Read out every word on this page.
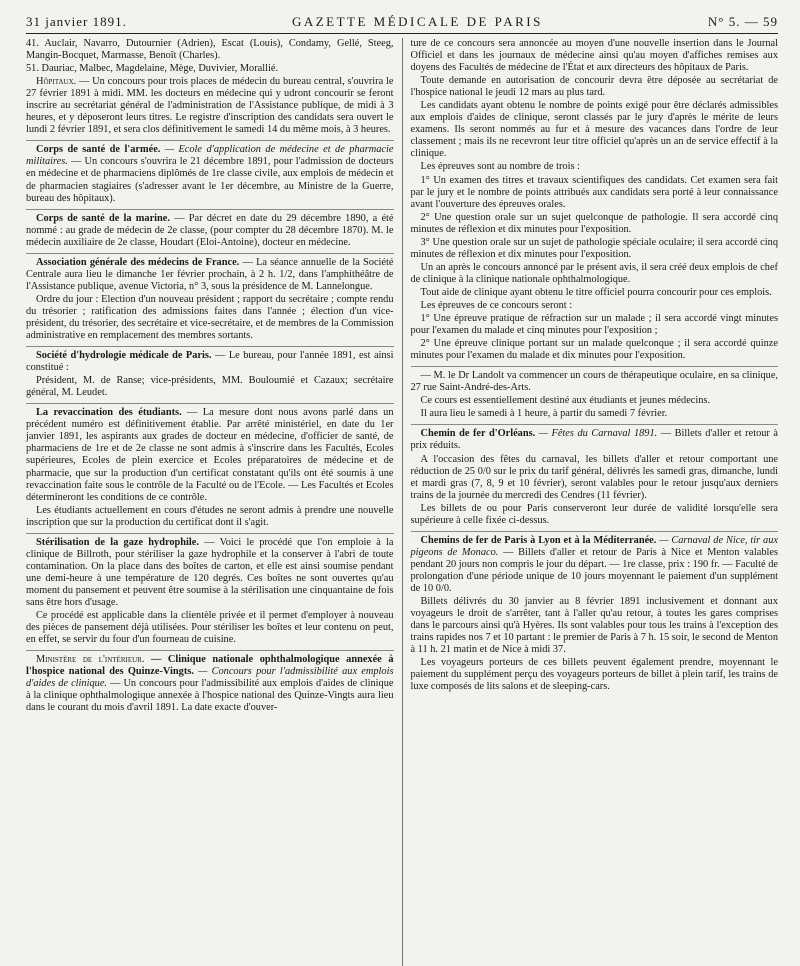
31 janvier 1891.	GAZETTE MÉDICALE DE PARIS	N° 5. — 59

41. Auclair, Navarro, Dutournier (Adrien), Escat (Louis), Condamy, Gellé, Steeg, Mangin-Bocquet, Marmasse, Benoît (Charles).

51. Dauriac, Malbec, Magdelaine, Mège, Duvivier, Morallié.

Hôpitaux. — Un concours pour trois places de médecin du bureau central, s'ouvrira le 27 février 1891 à midi. MM. les docteurs en médecine qui y udront concourir se feront inscrire au secrétariat général de l'administration de l'Assistance publique, de midi à 3 heures, et y déposeront leurs titres. Le registre d'inscription des candidats sera ouvert le lundi 2 février 1891, et sera clos définitivement le samedi 14 du même mois, à 3 heures.

Corps de santé de l'armée. — Ecole d'application de médecine et de pharmacie militaires. — Un concours s'ouvrira le 21 décembre 1891, pour l'admission de docteurs en médecine et de pharmaciens diplômés de 1re classe civile, aux emplois de médecin et de pharmacien stagiaires (s'adresser avant le 1er décembre, au Ministre de la Guerre, bureau des hôpitaux).

Corps de santé de la marine. — Par décret en date du 29 décembre 1890, a été nommé : au grade de médecin de 2e classe, (pour compter du 28 décembre 1870). M. le médecin auxiliaire de 2e classe, Houdart (Eloi-Antoine), docteur en médecine.

Association générale des médecins de France. — La séance annuelle de la Société Centrale aura lieu le dimanche 1er février prochain, à 2 h. 1/2, dans l'amphithéâtre de l'Assistance publique, avenue Victoria, n° 3, sous la présidence de M. Lannelongue.

Ordre du jour : Election d'un nouveau président ; rapport du secrétaire ; compte rendu du trésorier ; ratification des admissions faites dans l'année ; élection d'un vice-président, du trésorier, des secrétaire et vice-secrétaire, et de membres de la Commission administrative en remplacement des membres sortants.

Société d'hydrologie médicale de Paris. — Le bureau, pour l'année 1891, est ainsi constitué :

Président, M. de Ranse; vice-présidents, MM. Bouloumié et Cazaux; secrétaire général, M. Leudet.

La revaccination des étudiants. — La mesure dont nous avons parlé dans un précédent numéro est définitivement établie. Par arrêté ministériel, en date du 1er janvier 1891, les aspirants aux grades de docteur en médecine, d'officier de santé, de pharmaciens de 1re et de 2e classe ne sont admis à s'inscrire dans les Facultés, Ecoles supérieures, Ecoles de plein exercice et Ecoles préparatoires de médecine et de pharmacie, que sur la production d'un certificat constatant qu'ils ont été soumis à une revaccination faite sous le contrôle de la Faculté ou de l'Ecole. — Les Facultés et Ecoles détermineront les conditions de ce contrôle.

Les étudiants actuellement en cours d'études ne seront admis à prendre une nouvelle inscription que sur la production du certificat dont il s'agit.

Stérilisation de la gaze hydrophile. — Voici le procédé que l'on emploie à la clinique de Billroth, pour stériliser la gaze hydrophile et la conserver à l'abri de toute contamination. On la place dans des boîtes de carton, et elle est ainsi soumise pendant une demi-heure à une température de 120 degrés. Ces boîtes ne sont ouvertes qu'au moment du pansement et peuvent être soumise à la stérilisation une cinquantaine de fois sans être hors d'usage.

Ce procédé est applicable dans la clientèle privée et il permet d'employer à nouveau des pièces de pansement déjà utilisées. Pour stériliser les boîtes et leur contenu on peut, en effet, se servir du four d'un fourneau de cuisine.

Ministère de l'intérieur. — Clinique nationale ophthalmologique annexée à l'hospice national des Quinze-Vingts. — Concours pour l'admissibilité aux emplois d'aides de clinique. — Un concours pour l'admissibilité aux emplois d'aides de clinique à la clinique ophthalmologique annexée à l'hospice national des Quinze-Vingts aura lieu dans le courant du mois d'avril 1891. La date exacte d'ouver-

ture de ce concours sera annoncée au moyen d'une nouvelle insertion dans le Journal Officiel et dans les journaux de médecine ainsi qu'au moyen d'affiches remises aux doyens des Facultés de médecine de l'État et aux directeurs des hôpitaux de Paris.

Toute demande en autorisation de concourir devra être déposée au secrétariat de l'hospice national le jeudi 12 mars au plus tard.

Les candidats ayant obtenu le nombre de points exigé pour être déclarés admissibles aux emplois d'aides de clinique, seront classés par le jury d'après le mérite de leurs examens. Ils seront nommés au fur et à mesure des vacances dans l'ordre de leur classement ; mais ils ne recevront leur titre officiel qu'après un an de service effectif à la clinique.

Les épreuves sont au nombre de trois :

1° Un examen des titres et travaux scientifiques des candidats. Cet examen sera fait par le jury et le nombre de points attribués aux candidats sera porté à leur connaissance avant l'ouverture des épreuves orales.

2° Une question orale sur un sujet quelconque de pathologie. Il sera accordé cinq minutes de réflexion et dix minutes pour l'exposition.

3° Une question orale sur un sujet de pathologie spéciale oculaire; il sera accordé cinq minutes de réflexion et dix minutes pour l'exposition.

Un an après le concours annoncé par le présent avis, il sera créé deux emplois de chef de clinique à la clinique nationale ophthalmologique.

Tout aide de clinique ayant obtenu le titre officiel pourra concourir pour ces emplois.

Les épreuves de ce concours seront :

1° Une épreuve pratique de réfraction sur un malade ; il sera accordé vingt minutes pour l'examen du malade et cinq minutes pour l'exposition ;

2° Une épreuve clinique portant sur un malade quelconque ; il sera accordé quinze minutes pour l'examen du malade et dix minutes pour l'exposition.

— M. le Dr Landolt va commencer un cours de thérapeutique oculaire, en sa clinique, 27 rue Saint-André-des-Arts.

Ce cours est essentiellement destiné aux étudiants et jeunes médecins.

Il aura lieu le samedi à 1 heure, à partir du samedi 7 février.

Chemin de fer d'Orléans. — Fêtes du Carnaval 1891. — Billets d'aller et retour à prix réduits.

A l'occasion des fêtes du carnaval, les billets d'aller et retour comportant une réduction de 25 0/0 sur le prix du tarif général, délivrés les samedi gras, dimanche, lundi et mardi gras (7, 8, 9 et 10 février), seront valables pour le retour jusqu'aux derniers trains de la journée du mercredi des Cendres (11 février).

Les billets de ou pour Paris conserveront leur durée de validité lorsqu'elle sera supérieure à celle fixée ci-dessus.

Chemins de fer de Paris à Lyon et à la Méditerranée. — Carnaval de Nice, tir aux pigeons de Monaco. — Billets d'aller et retour de Paris à Nice et Menton valables pendant 20 jours non compris le jour du départ. — 1re classe, prix : 190 fr. — Faculté de prolongation d'une période unique de 10 jours moyennant le paiement d'un supplément de 10 0/0.

Billets délivrés du 30 janvier au 8 février 1891 inclusivement et donnant aux voyageurs le droit de s'arrêter, tant à l'aller qu'au retour, à toutes les gares comprises dans le parcours ainsi qu'à Hyères. Ils sont valables pour tous les trains à l'exception des trains rapides nos 7 et 10 partant : le premier de Paris à 7 h. 15 soir, le second de Menton à 11 h. 21 matin et de Nice à midi 37.

Les voyageurs porteurs de ces billets peuvent également prendre, moyennant le paiement du supplément perçu des voyageurs porteurs de billet à plein tarif, les trains de luxe composés de lits salons et de sleeping-cars.
